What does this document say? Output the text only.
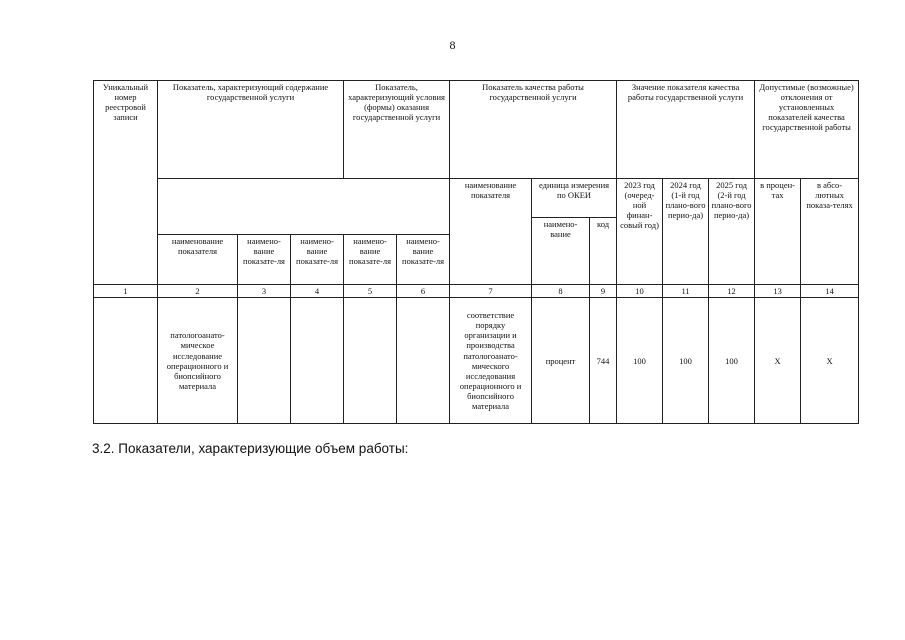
8
Уникальный номер реестровой записи	Показатель, характеризующий содержание государственной услуги			Показатель, характеризующий условия (формы) оказания государственной услуги		Показатель качества работы государственной услуги			Значение показателя качества работы государственной услуги			Допустимые (возможные) отклонения от установленных показателей качества государственной работы	
						наименование показателя	единица измерения по ОКЕИ		2023 год (очеред-ной финан-совый год)	2024 год (1-й год плано-вого перио-да)	2025 год (2-й год плано-вого перио-да)	в процен-тах	в абсо-лютных показа-телях
							наимено-вание	код					
	наименование показателя	наимено-вание показате-ля	наимено-вание показате-ля	наимено-вание показате-ля	наимено-вание показате-ля								
1	2	3	4	5	6	7	8	9	10	11	12	13	14
	патологоанато-мическое исследование операционного и биопсийного материала					соответствие порядку организации и производства патологоанато-мического исследования операционного и биопсийного материала	процент	744	100	100	100	X	X
3.2. Показатели, характеризующие объем работы:
